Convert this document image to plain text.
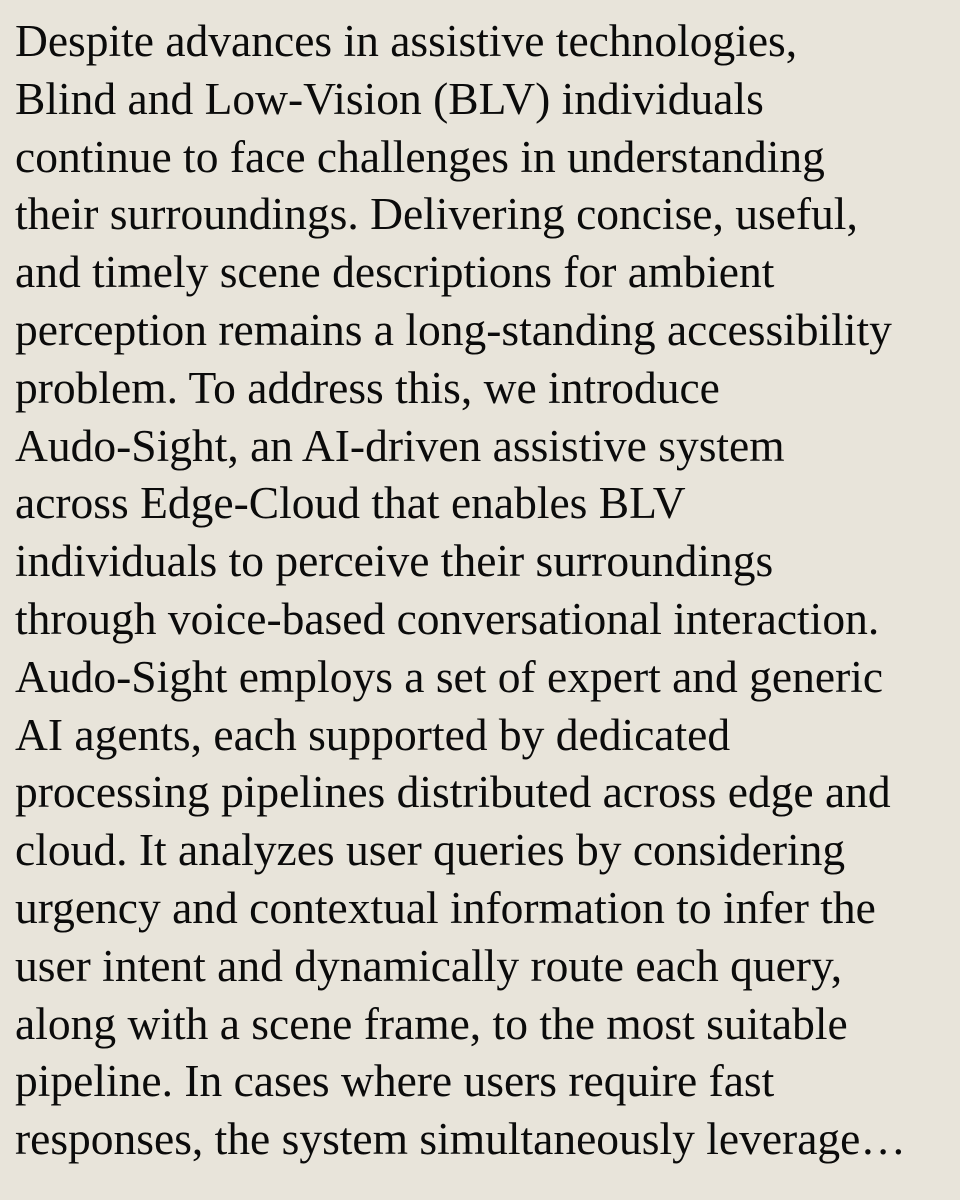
Despite advances in assistive technologies,
Blind and Low-Vision (BLV) individuals
continue to face challenges in understanding
their surroundings. Delivering concise, useful,
and timely scene descriptions for ambient
perception remains a long-standing accessibility
problem. To address this, we introduce
Audo-Sight, an AI-driven assistive system
across Edge-Cloud that enables BLV
individuals to perceive their surroundings
through voice-based conversational interaction.
Audo-Sight employs a set of expert and generic
AI agents, each supported by dedicated
processing pipelines distributed across edge and
cloud. It analyzes user queries by considering
urgency and contextual information to infer the
user intent and dynamically route each query,
along with a scene frame, to the most suitable
pipeline. In cases where users require fast
responses, the system simultaneously leverage…
